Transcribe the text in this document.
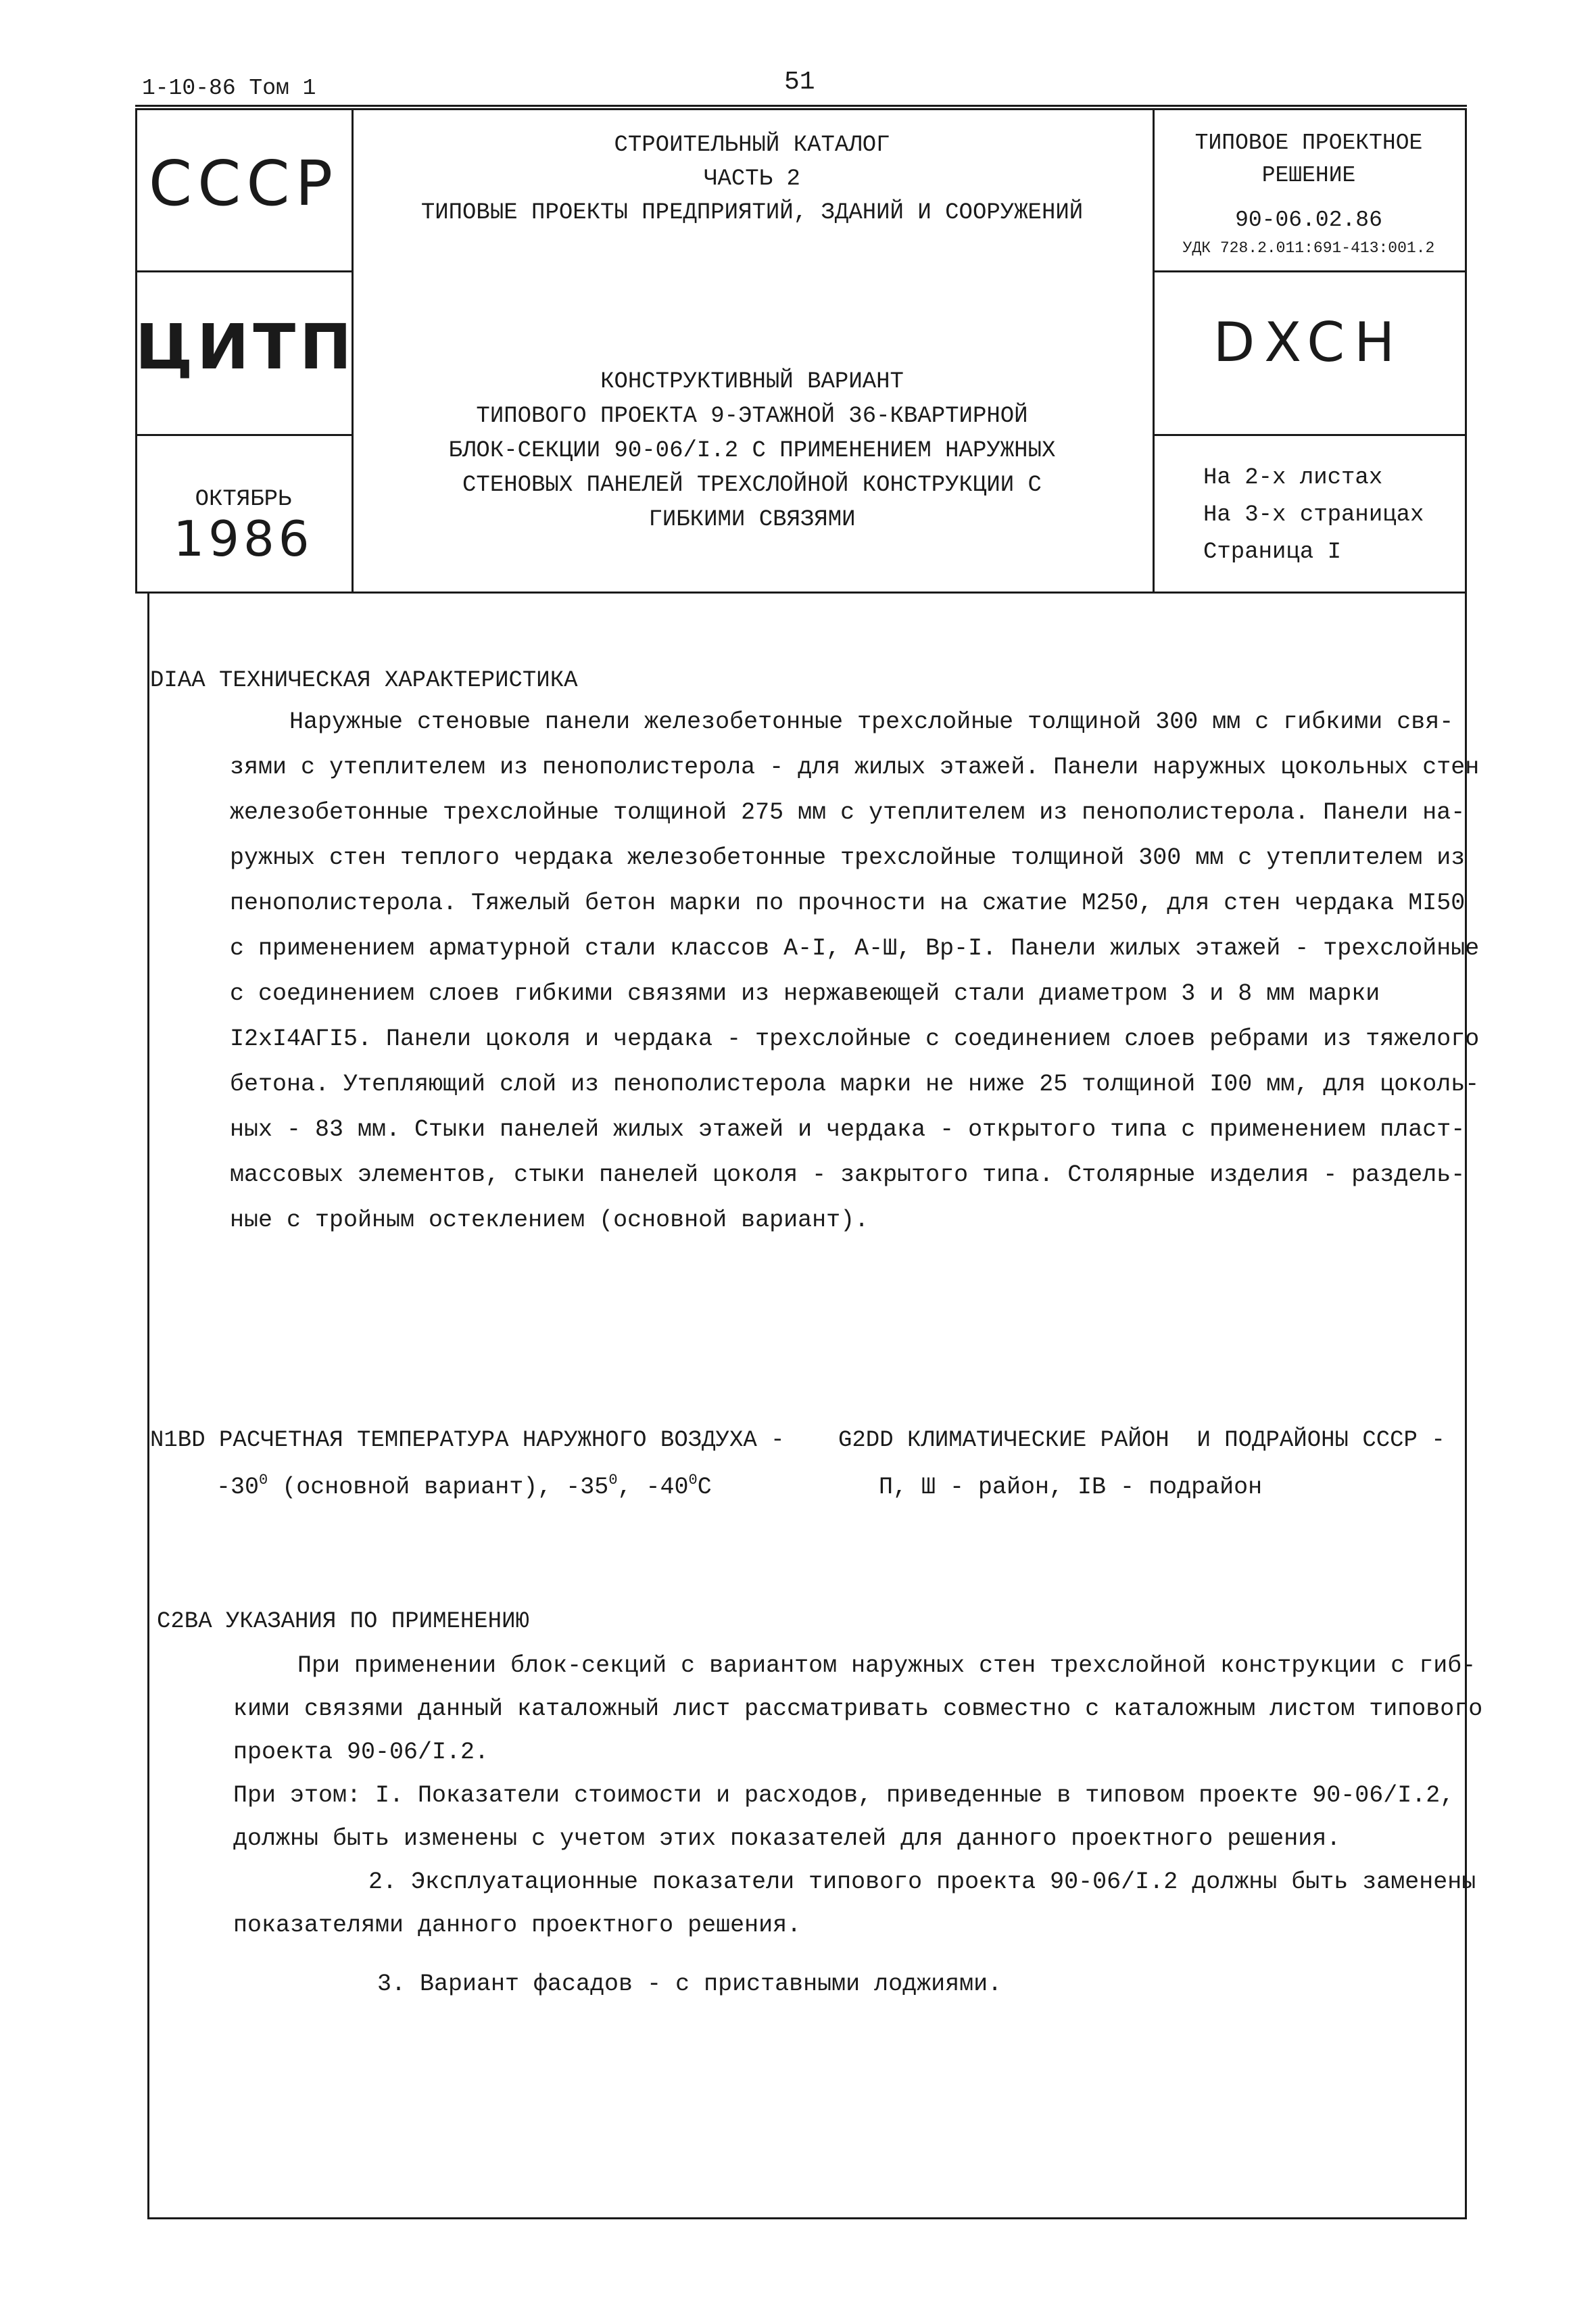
1-10-86 Том 1	51
СССР
СТРОИТЕЛЬНЫЙ КАТАЛОГ
ЧАСТЬ 2
ТИПОВЫЕ ПРОЕКТЫ ПРЕДПРИЯТИЙ, ЗДАНИЙ И СООРУЖЕНИЙ
ТИПОВОЕ ПРОЕКТНОЕ
РЕШЕНИЕ
90-06.02.86
УДК 728.2.011:691-413:001.2
ЦИТП	КОНСТРУКТИВНЫЙ ВАРИАНТ
ТИПОВОГО ПРОЕКТА 9-ЭТАЖНОЙ 36-КВАРТИРНОЙ
БЛОК-СЕКЦИИ 90-06/I.2 С ПРИМЕНЕНИЕМ НАРУЖНЫХ
СТЕНОВЫХ ПАНЕЛЕЙ ТРЕХСЛОЙНОЙ КОНСТРУКЦИИ С
ГИБКИМИ СВЯЗЯМИ
DXCH
ОКТЯБРЬ
1986
На 2-х листах
На 3-х страницах
Страница I
DIAA ТЕХНИЧЕСКАЯ ХАРАКТЕРИСТИКА
Наружные стеновые панели железобетонные трехслойные толщиной 300 мм с гибкими свя-
зями с утеплителем из пенополистерола - для жилых этажей. Панели наружных цокольных стен
железобетонные трехслойные толщиной 275 мм с утеплителем из пенополистерола. Панели на-
ружных стен теплого чердака железобетонные трехслойные толщиной 300 мм с утеплителем из
пенополистерола. Тяжелый бетон марки по прочности на сжатие М250, для стен чердака МI50
с применением арматурной стали классов А-I, А-Ш, Вр-I. Панели жилых этажей - трехслойные
с соединением слоев гибкими связями из нержавеющей стали диаметром 3 и 8 мм марки
I2хI4АГI5. Панели цоколя и чердака - трехслойные с соединением слоев ребрами из тяжелого
бетона. Утепляющий слой из пенополистерола марки не ниже 25 толщиной I00 мм, для цоколь-
ных - 83 мм. Стыки панелей жилых этажей и чердака - открытого типа с применением пласт-
массовых элементов, стыки панелей цоколя - закрытого типа. Столярные изделия - раздель-
ные с тройным остеклением (основной вариант).
N1BD РАСЧЕТНАЯ ТЕМПЕРАТУРА НАРУЖНОГО ВОЗДУХА -
$-30^0$ (основной вариант), $-35^0$, $-40^0С$
G2DD КЛИМАТИЧЕСКИЕ РАЙОН  И ПОДРАЙОНЫ СССР -
П, Ш - район, IВ - подрайон
C2BA УКАЗАНИЯ ПО ПРИМЕНЕНИЮ
При применении блок-секций с вариантом наружных стен трехслойной конструкции с гиб-
кими связями данный каталожный лист рассматривать совместно с каталожным листом типового
проекта 90-06/I.2.
При этом: I. Показатели стоимости и расходов, приведенные в типовом проекте 90-06/I.2,
должны быть изменены с учетом этих показателей для данного проектного решения.
2. Эксплуатационные показатели типового проекта 90-06/I.2 должны быть заменены
показателями данного проектного решения.
3. Вариант фасадов - с приставными лоджиями.
